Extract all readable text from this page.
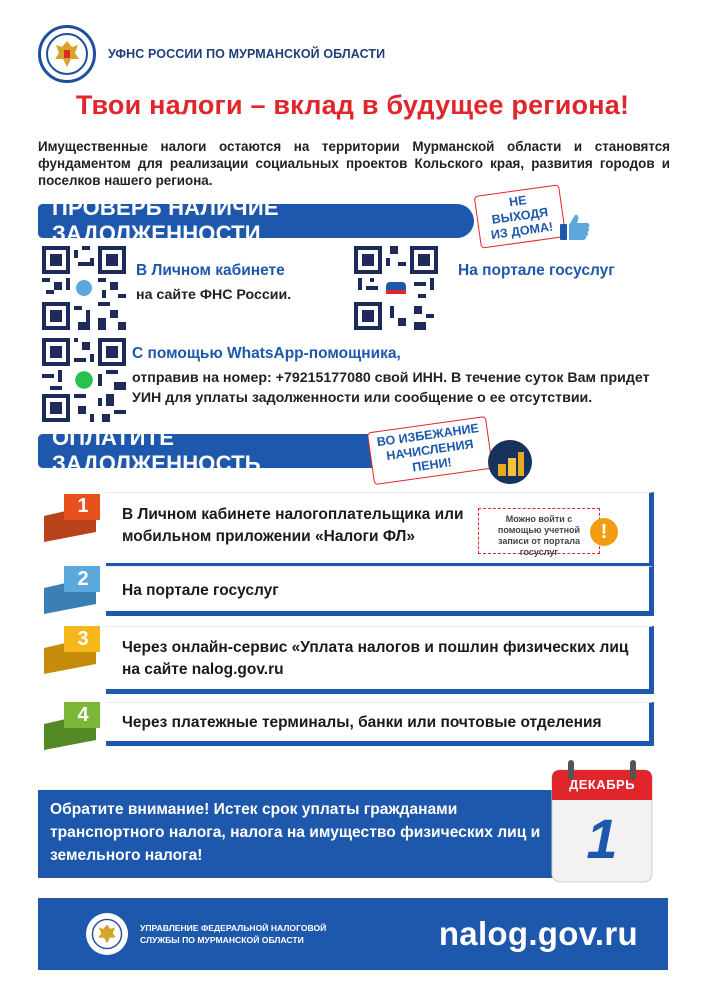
УФНС РОССИИ ПО МУРМАНСКОЙ ОБЛАСТИ
Твои налоги – вклад в будущее региона!
Имущественные налоги остаются на территории Мурманской области и становятся фундаментом для реализации социальных проектов Кольского края, развития городов и поселков нашего региона.
ПРОВЕРЬ НАЛИЧИЕ ЗАДОЛЖЕННОСТИ
НЕ ВЫХОДЯ ИЗ ДОМА!
В Личном кабинете
на сайте ФНС России.
На портале госуслуг
С помощью WhatsApp-помощника,
отправив на номер: +79215177080 свой ИНН. В течение суток Вам придет УИН для уплаты задолженности или сообщение о ее отсутствии.
ОПЛАТИТЕ ЗАДОЛЖЕННОСТЬ
ВО ИЗБЕЖАНИЕ НАЧИСЛЕНИЯ ПЕНИ!
1	В Личном кабинете налогоплательщика или мобильном приложении «Налоги ФЛ»
Можно войти с помощью учетной записи от портала госуслуг
!
2
На портале госуслуг
3	Через онлайн-сервис «Уплата налогов и пошлин физических лиц на сайте nalog.gov.ru
4	Через платежные терминалы, банки или почтовые отделения
Обратите внимание! Истек срок уплаты гражданами транспортного налога, налога на имущество физических лиц и земельного налога!
ДЕКАБРЬ
1
УПРАВЛЕНИЕ ФЕДЕРАЛЬНОЙ НАЛОГОВОЙ СЛУЖБЫ ПО МУРМАНСКОЙ ОБЛАСТИ	nalog.gov.ru
